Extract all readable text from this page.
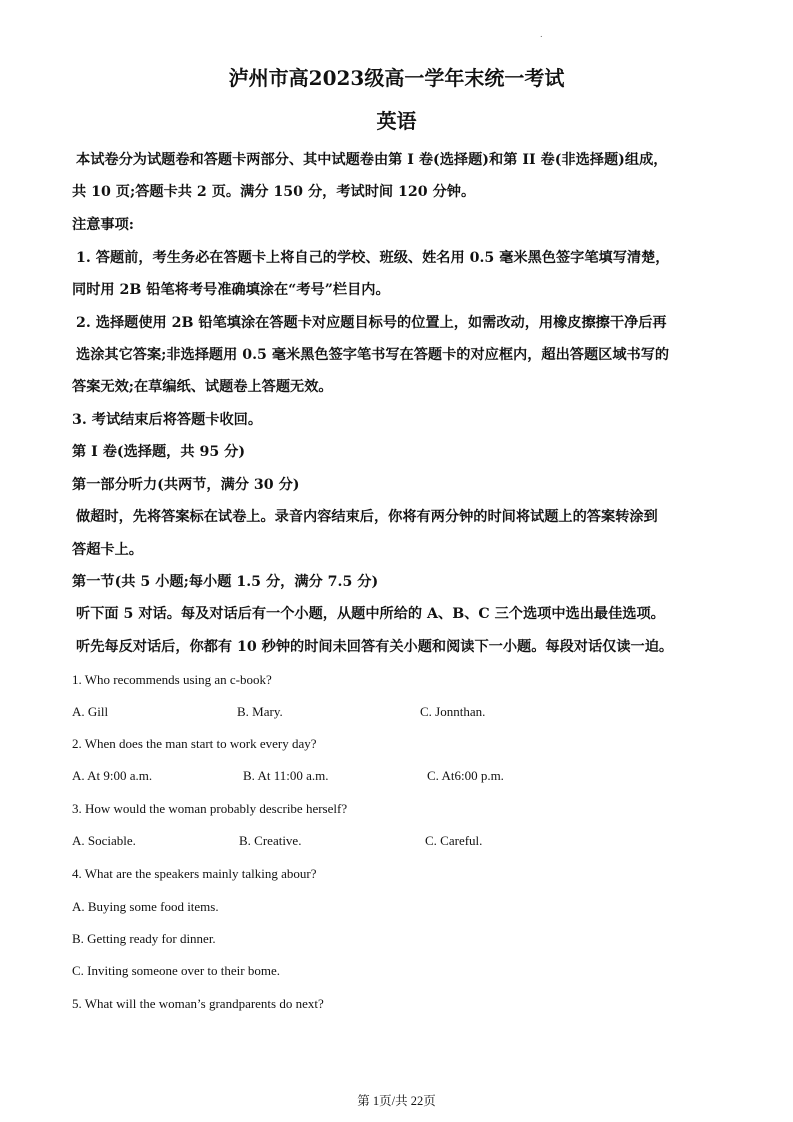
.
泸州市高2023级高一学年末统一考试
英语
本试卷分为试题卷和答题卡两部分、其中试题卷由第 I 卷(选择题)和第 II 卷(非选择题)组成，
共 10 页;答题卡共 2 页。满分 150 分，考试时间 120 分钟。
注意事项:
1. 答题前，考生务必在答题卡上将自己的学校、班级、姓名用 0.5 毫米黑色签字笔填写清楚，
同时用 2B 铅笔将考号准确填涂在“考号”栏目内。
2. 选择题使用 2B 铅笔填涂在答题卡对应题目标号的位置上，如需改动，用橡皮擦擦干净后再
选涂其它答案;非选择题用 0.5 毫米黑色签字笔书写在答题卡的对应框内，超出答题区域书写的
答案无效;在草编纸、试题卷上答题无效。
3. 考试结束后将答题卡收回。
第 I 卷(选择题，共 95 分)
第一部分听力(共两节，满分 30 分)
做超时，先将答案标在试卷上。录音内容结束后，你将有两分钟的时间将试题上的答案转涂到
答超卡上。
第一节(共 5 小题;每小题 1.5 分，满分 7.5 分)
听下面 5 对话。每及对话后有一个小题，从题中所给的 A、B、C 三个选项中选出最佳选项。
听先每反对话后，你都有 10 秒钟的时间未回答有关小题和阅读下一小题。每段对话仅读一迫。
1. Who recommends using an c-book?
A. Gill	B. Mary.	C. Jonnthan.
2. When does the man start to work every day?
A. At 9:00 a.m.	B. At 11:00 a.m.	C. At6:00 p.m.
3. How would the woman probably describe herself?
A. Sociable.	B. Creative.	C. Careful.
4. What are the speakers mainly talking abour?
A. Buying some food items.
B. Getting ready for dinner.
C. Inviting someone over to their bome.
5. What will the woman’s grandparents do next?
第 1页/共 22页
